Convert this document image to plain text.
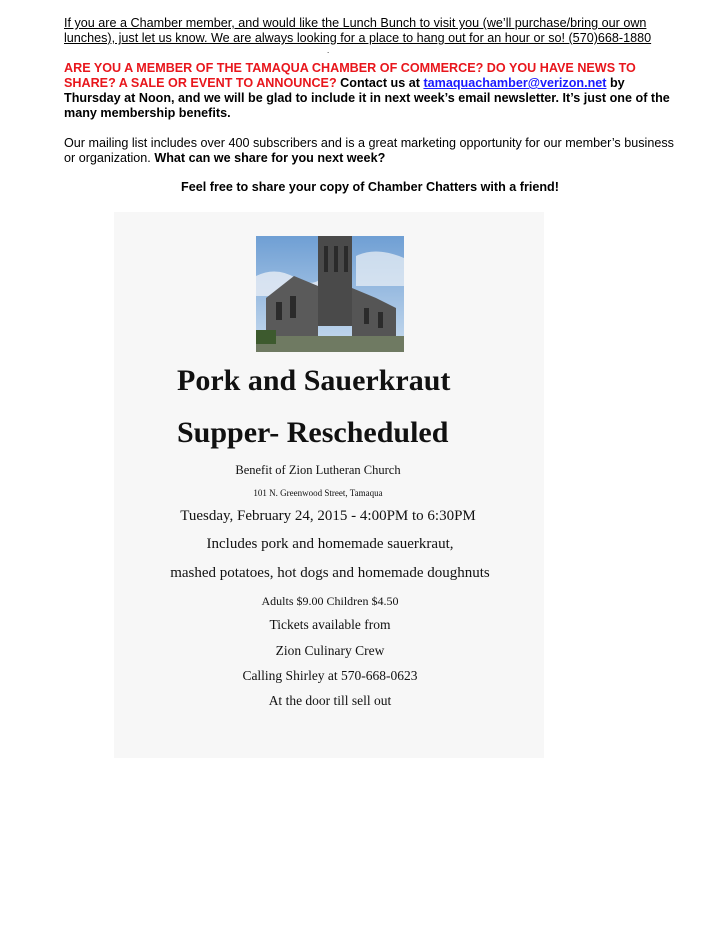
If you are a Chamber member, and would like the Lunch Bunch to visit you (we’ll purchase/bring our own
lunches), just let us know. We are always looking for a place to hang out for an hour or so! (570)668-1880
.
ARE YOU A MEMBER OF THE TAMAQUA CHAMBER OF COMMERCE? DO YOU HAVE NEWS TO SHARE? A SALE OR EVENT TO ANNOUNCE? Contact us at tamaquachamber@verizon.net by Thursday at Noon, and we will be glad to include it in next week’s email newsletter. It’s just one of the many membership benefits.
Our mailing list includes over 400 subscribers and is a great marketing opportunity for our member’s business or organization. What can we share for you next week?
Feel free to share your copy of Chamber Chatters with a friend!
Pork and Sauerkraut
Supper- Rescheduled
Benefit of Zion Lutheran Church
101 N. Greenwood Street, Tamaqua
Tuesday, February 24, 2015 - 4:00PM to 6:30PM
Includes pork and homemade sauerkraut,
mashed potatoes, hot dogs and homemade doughnuts
Adults $9.00 Children $4.50
Tickets available from
Zion Culinary Crew
Calling Shirley at 570-668-0623
At the door till sell out
